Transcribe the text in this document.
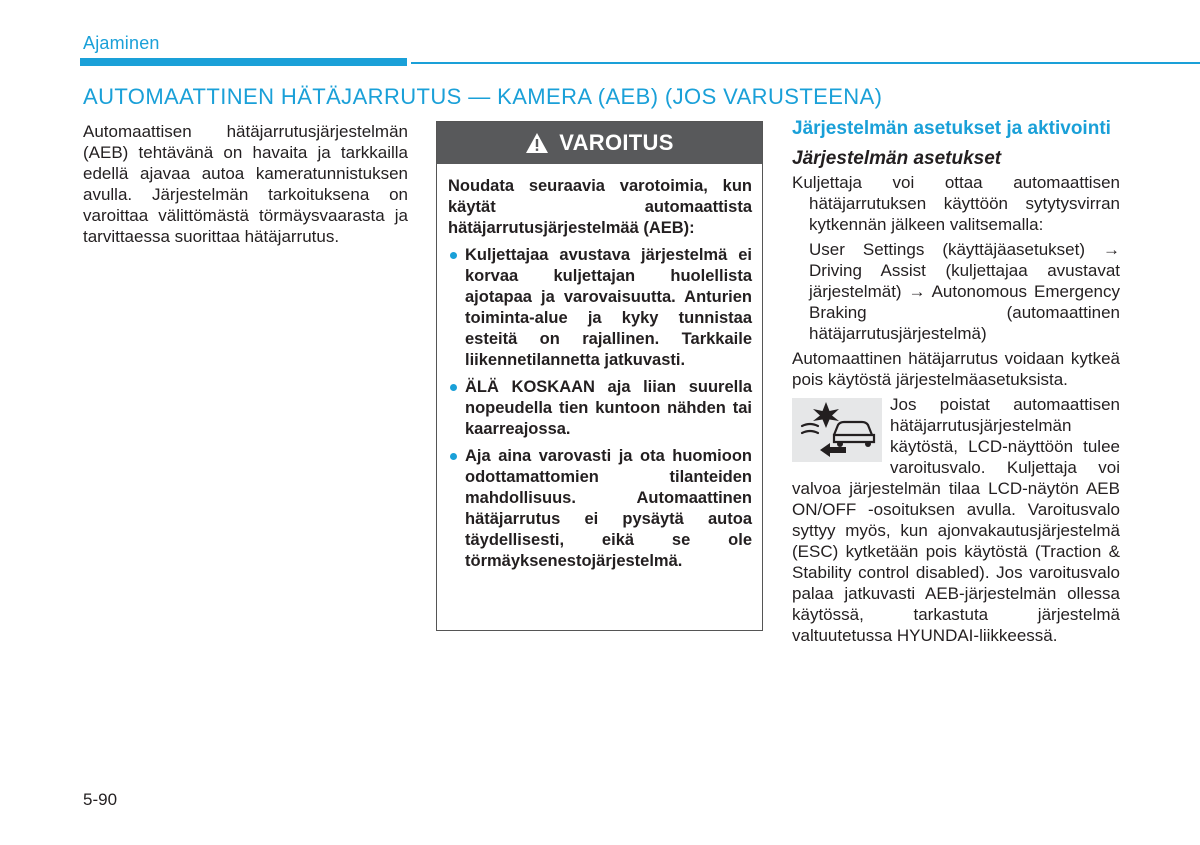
Ajaminen
AUTOMAATTINEN HÄTÄJARRUTUS — KAMERA (AEB) (JOS VARUSTEENA)
Automaattisen hätäjarrutusjärjestelmän (AEB) tehtävänä on havaita ja tarkkailla edellä ajavaa autoa kameratunnistuksen avulla. Järjestelmän tarkoituksena on varoittaa välittömästä törmäysvaarasta ja tarvittaessa suorittaa hätäjarrutus.
VAROITUS

Noudata seuraavia varotoimia, kun käytät automaattista hätäjarrutusjärjestelmää (AEB):

Kuljettajaa avustava järjestelmä ei korvaa kuljettajan huolellista ajotapaa ja varovaisuutta. Anturien toiminta-alue ja kyky tunnistaa esteitä on rajallinen. Tarkkaile liikennetilannetta jatkuvasti.
ÄLÄ KOSKAAN aja liian suurella nopeudella tien kuntoon nähden tai kaarreajossa.
Aja aina varovasti ja ota huomioon odottamattomien tilanteiden mahdollisuus. Automaattinen hätäjarrutus ei pysäytä autoa täydellisesti, eikä se ole törmäyksenestojärjestelmä.
Järjestelmän asetukset ja aktivointi
Järjestelmän asetukset

Kuljettaja voi ottaa automaattisen hätäjarrutuksen käyttöön sytytysvirran kytkennän jälkeen valitsemalla:

User Settings (käyttäjäasetukset) → Driving Assist (kuljettajaa avustavat järjestelmät) → Autonomous Emergency Braking (automaattinen hätäjarrutusjärjestelmä)

Automaattinen hätäjarrutus voidaan kytkeä pois käytöstä järjestelmäasetuksista.

Jos poistat automaattisen hätäjarrutusjärjestelmän käytöstä, LCD-näyttöön tulee varoitusvalo. Kuljettaja voi valvoa järjestelmän tilaa LCD-näytön AEB ON/OFF -osoituksen avulla. Varoitusvalo syttyy myös, kun ajonvakautusjärjestelmä (ESC) kytketään pois käytöstä (Traction & Stability control disabled). Jos varoitusvalo palaa jatkuvasti AEB-järjestelmän ollessa käytössä, tarkastuta järjestelmä valtuutetussa HYUNDAI-liikkeessä.

5-90
